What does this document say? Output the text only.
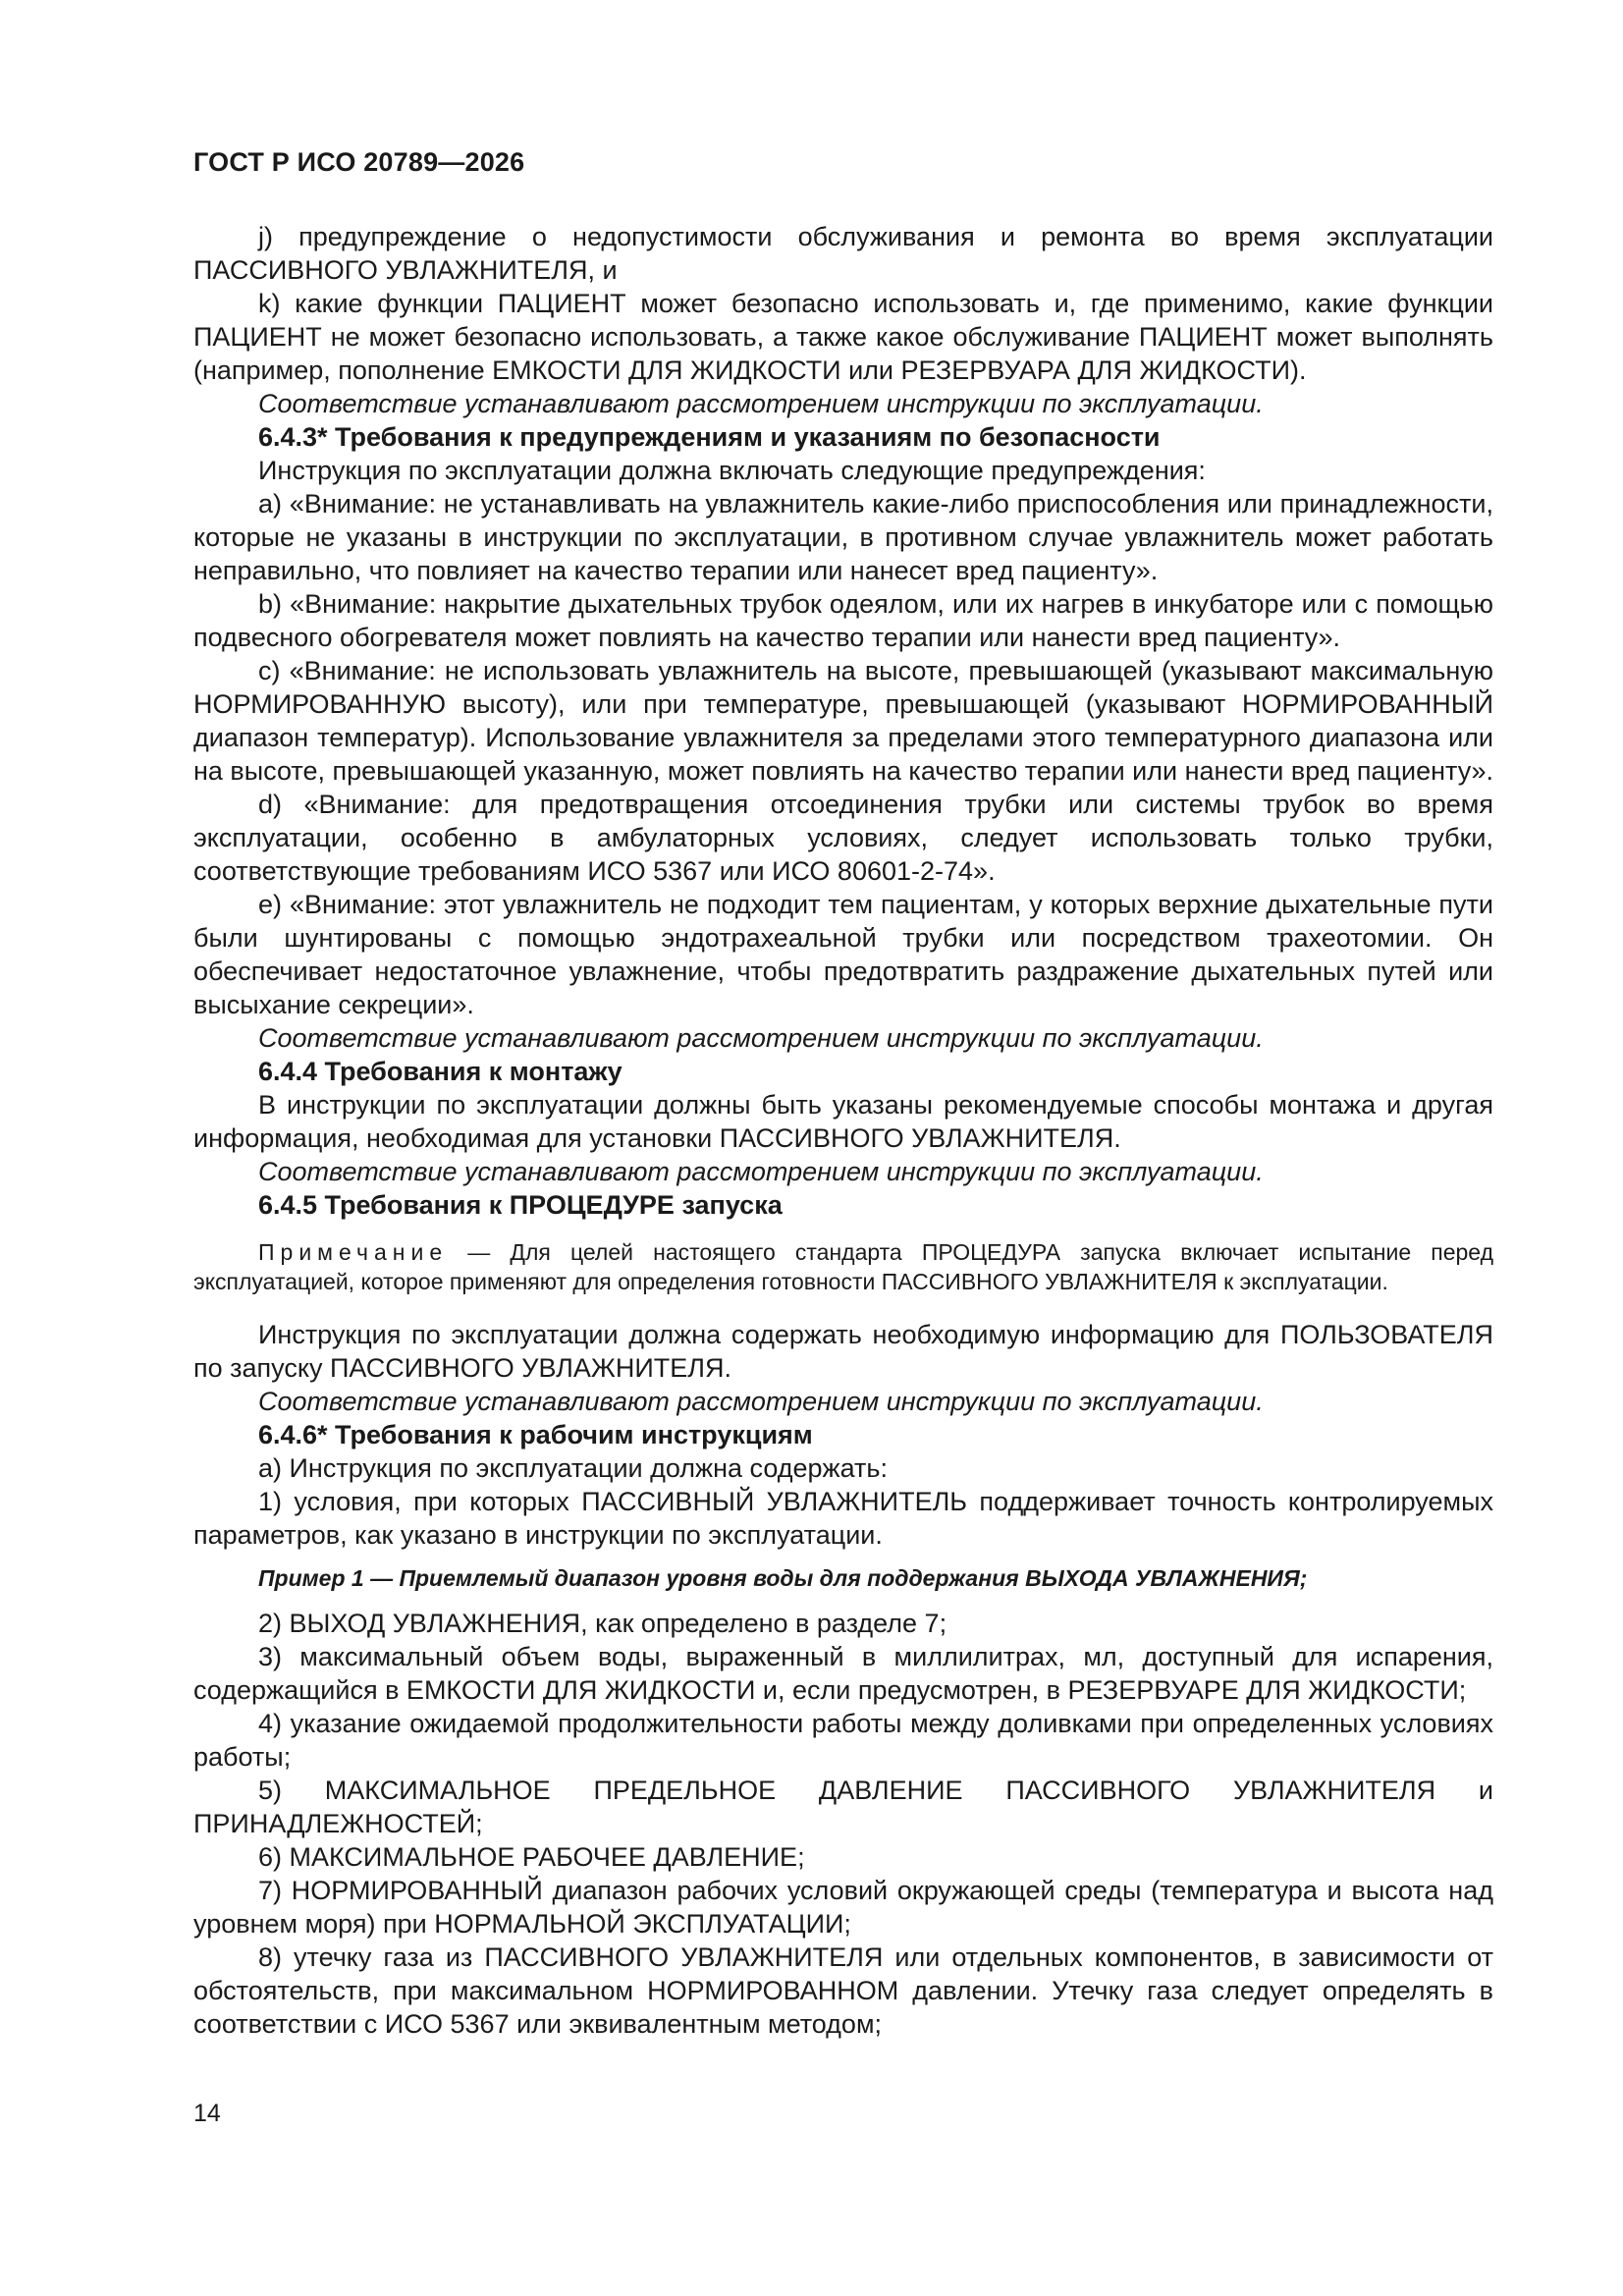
ГОСТ Р ИСО 20789—2026

j) предупреждение о недопустимости обслуживания и ремонта во время эксплуатации ПАССИВНОГО УВЛАЖНИТЕЛЯ, и

k) какие функции ПАЦИЕНТ может безопасно использовать и, где применимо, какие функции ПАЦИЕНТ не может безопасно использовать, а также какое обслуживание ПАЦИЕНТ может выполнять (например, пополнение ЕМКОСТИ ДЛЯ ЖИДКОСТИ или РЕЗЕРВУАРА ДЛЯ ЖИДКОСТИ).

Соответствие устанавливают рассмотрением инструкции по эксплуатации.

6.4.3* Требования к предупреждениям и указаниям по безопасности

Инструкция по эксплуатации должна включать следующие предупреждения:

a) «Внимание: не устанавливать на увлажнитель какие-либо приспособления или принадлежности, которые не указаны в инструкции по эксплуатации, в противном случае увлажнитель может работать неправильно, что повлияет на качество терапии или нанесет вред пациенту».

b) «Внимание: накрытие дыхательных трубок одеялом, или их нагрев в инкубаторе или с помощью подвесного обогревателя может повлиять на качество терапии или нанести вред пациенту».

c) «Внимание: не использовать увлажнитель на высоте, превышающей (указывают максимальную НОРМИРОВАННУЮ высоту), или при температуре, превышающей (указывают НОРМИРОВАННЫЙ диапазон температур). Использование увлажнителя за пределами этого температурного диапазона или на высоте, превышающей указанную, может повлиять на качество терапии или нанести вред пациенту».

d) «Внимание: для предотвращения отсоединения трубки или системы трубок во время эксплуатации, особенно в амбулаторных условиях, следует использовать только трубки, соответствующие требованиям ИСО 5367 или ИСО 80601-2-74».

e) «Внимание: этот увлажнитель не подходит тем пациентам, у которых верхние дыхательные пути были шунтированы с помощью эндотрахеальной трубки или посредством трахеотомии. Он обеспечивает недостаточное увлажнение, чтобы предотвратить раздражение дыхательных путей или высыхание секреции».

Соответствие устанавливают рассмотрением инструкции по эксплуатации.

6.4.4 Требования к монтажу

В инструкции по эксплуатации должны быть указаны рекомендуемые способы монтажа и другая информация, необходимая для установки ПАССИВНОГО УВЛАЖНИТЕЛЯ.

Соответствие устанавливают рассмотрением инструкции по эксплуатации.

6.4.5 Требования к ПРОЦЕДУРЕ запуска

Примечание — Для целей настоящего стандарта ПРОЦЕДУРА запуска включает испытание перед эксплуатацией, которое применяют для определения готовности ПАССИВНОГО УВЛАЖНИТЕЛЯ к эксплуатации.

Инструкция по эксплуатации должна содержать необходимую информацию для ПОЛЬЗОВАТЕЛЯ по запуску ПАССИВНОГО УВЛАЖНИТЕЛЯ.

Соответствие устанавливают рассмотрением инструкции по эксплуатации.

6.4.6* Требования к рабочим инструкциям

a) Инструкция по эксплуатации должна содержать:

1) условия, при которых ПАССИВНЫЙ УВЛАЖНИТЕЛЬ поддерживает точность контролируемых параметров, как указано в инструкции по эксплуатации.

Пример 1 — Приемлемый диапазон уровня воды для поддержания ВЫХОДА УВЛАЖНЕНИЯ;

2) ВЫХОД УВЛАЖНЕНИЯ, как определено в разделе 7;

3) максимальный объем воды, выраженный в миллилитрах, мл, доступный для испарения, содержащийся в ЕМКОСТИ ДЛЯ ЖИДКОСТИ и, если предусмотрен, в РЕЗЕРВУАРЕ ДЛЯ ЖИДКОСТИ;

4) указание ожидаемой продолжительности работы между доливками при определенных условиях работы;

5) МАКСИМАЛЬНОЕ ПРЕДЕЛЬНОЕ ДАВЛЕНИЕ ПАССИВНОГО УВЛАЖНИТЕЛЯ и ПРИНАДЛЕЖНОСТЕЙ;

6) МАКСИМАЛЬНОЕ РАБОЧЕЕ ДАВЛЕНИЕ;

7) НОРМИРОВАННЫЙ диапазон рабочих условий окружающей среды (температура и высота над уровнем моря) при НОРМАЛЬНОЙ ЭКСПЛУАТАЦИИ;

8) утечку газа из ПАССИВНОГО УВЛАЖНИТЕЛЯ или отдельных компонентов, в зависимости от обстоятельств, при максимальном НОРМИРОВАННОМ давлении. Утечку газа следует определять в соответствии с ИСО 5367 или эквивалентным методом;

14
